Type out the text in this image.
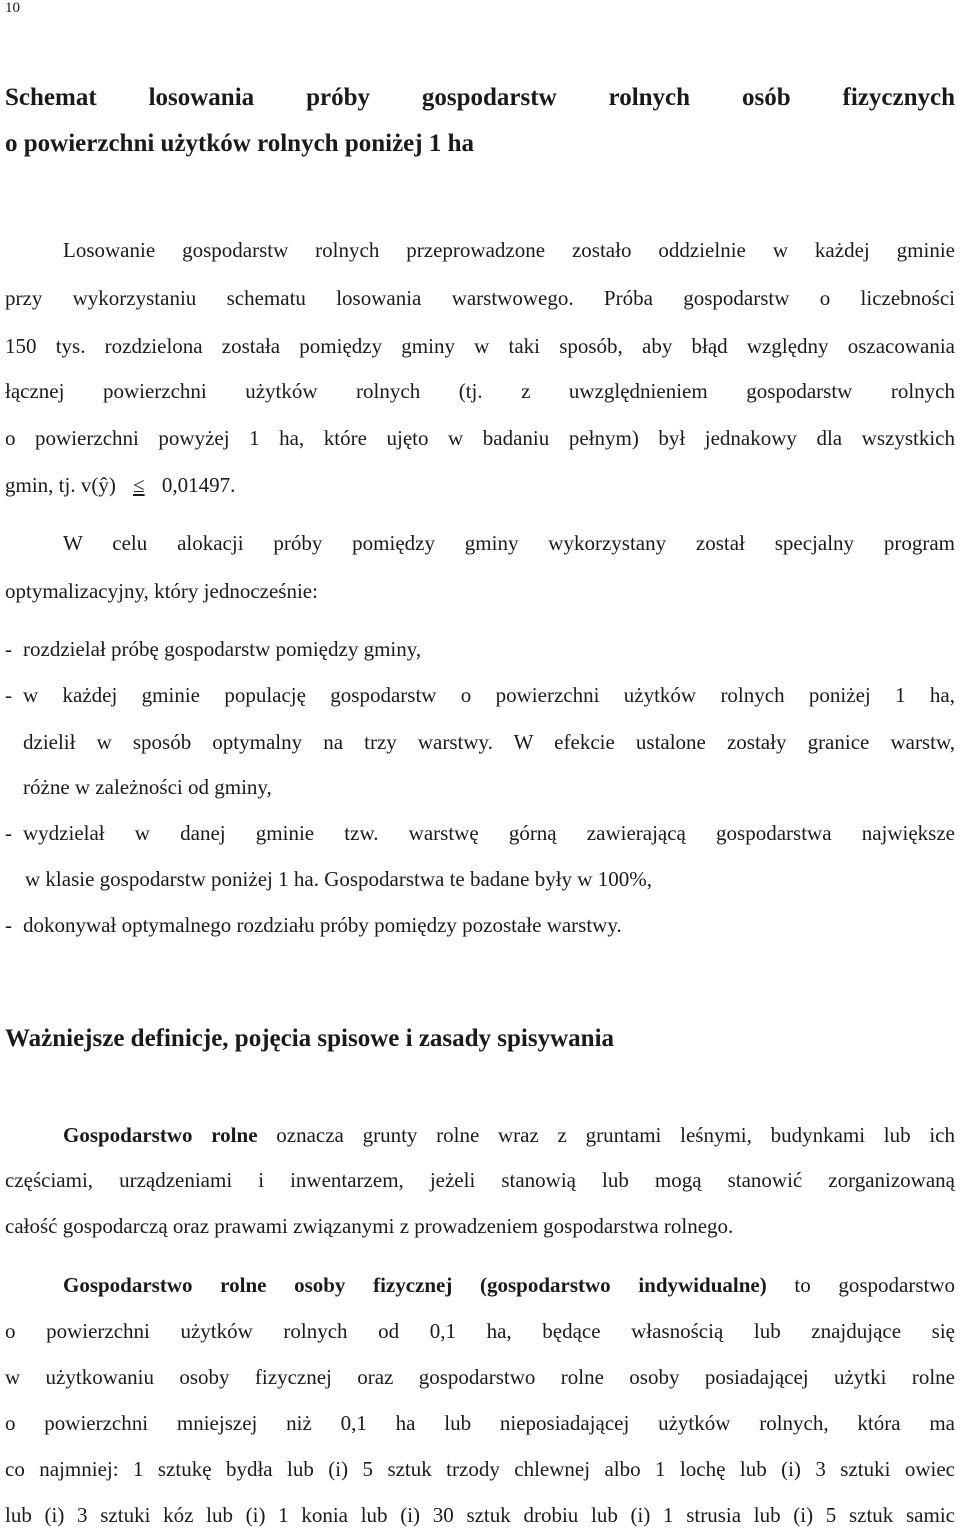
10
Schemat losowania próby gospodarstw rolnych osób fizycznych
o powierzchni użytków rolnych poniżej 1 ha
Losowanie gospodarstw rolnych przeprowadzone zostało oddzielnie w każdej gminie
przy wykorzystaniu schematu losowania warstwowego. Próba gospodarstw o liczebności
150 tys. rozdzielona została pomiędzy gminy w taki sposób, aby błąd względny oszacowania
łącznej powierzchni użytków rolnych (tj. z uwzględnieniem gospodarstw rolnych
o powierzchni powyżej 1 ha, które ujęto w badaniu pełnym) był jednakowy dla wszystkich
gmin, tj. v(ŷ) ≤ 0,01497.
W celu alokacji próby pomiędzy gminy wykorzystany został specjalny program
optymalizacyjny, który jednocześnie:
- rozdzielał próbę gospodarstw pomiędzy gminy,
- w każdej gminie populację gospodarstw o powierzchni użytków rolnych poniżej 1 ha,
dzielił w sposób optymalny na trzy warstwy. W efekcie ustalone zostały granice warstw,
różne w zależności od gminy,
- wydzielał w danej gminie tzw. warstwę górną zawierającą gospodarstwa największe
w klasie gospodarstw poniżej 1 ha. Gospodarstwa te badane były w 100%,
- dokonywał optymalnego rozdziału próby pomiędzy pozostałe warstwy.
Ważniejsze definicje, pojęcia spisowe i zasady spisywania
Gospodarstwo rolne oznacza grunty rolne wraz z gruntami leśnymi, budynkami lub ich
częściami, urządzeniami i inwentarzem, jeżeli stanowią lub mogą stanowić zorganizowaną
całość gospodarczą oraz prawami związanymi z prowadzeniem gospodarstwa rolnego.
Gospodarstwo rolne osoby fizycznej (gospodarstwo indywidualne) to gospodarstwo
o powierzchni użytków rolnych od 0,1 ha, będące własnością lub znajdujące się
w użytkowaniu osoby fizycznej oraz gospodarstwo rolne osoby posiadającej użytki rolne
o powierzchni mniejszej niż 0,1 ha lub nieposiadającej użytków rolnych, która ma
co najmniej: 1 sztukę bydła lub (i) 5 sztuk trzody chlewnej albo 1 lochę lub (i) 3 sztuki owiec
lub (i) 3 sztuki kóz lub (i) 1 konia lub (i) 30 sztuk drobiu lub (i) 1 strusia lub (i) 5 sztuk samic
